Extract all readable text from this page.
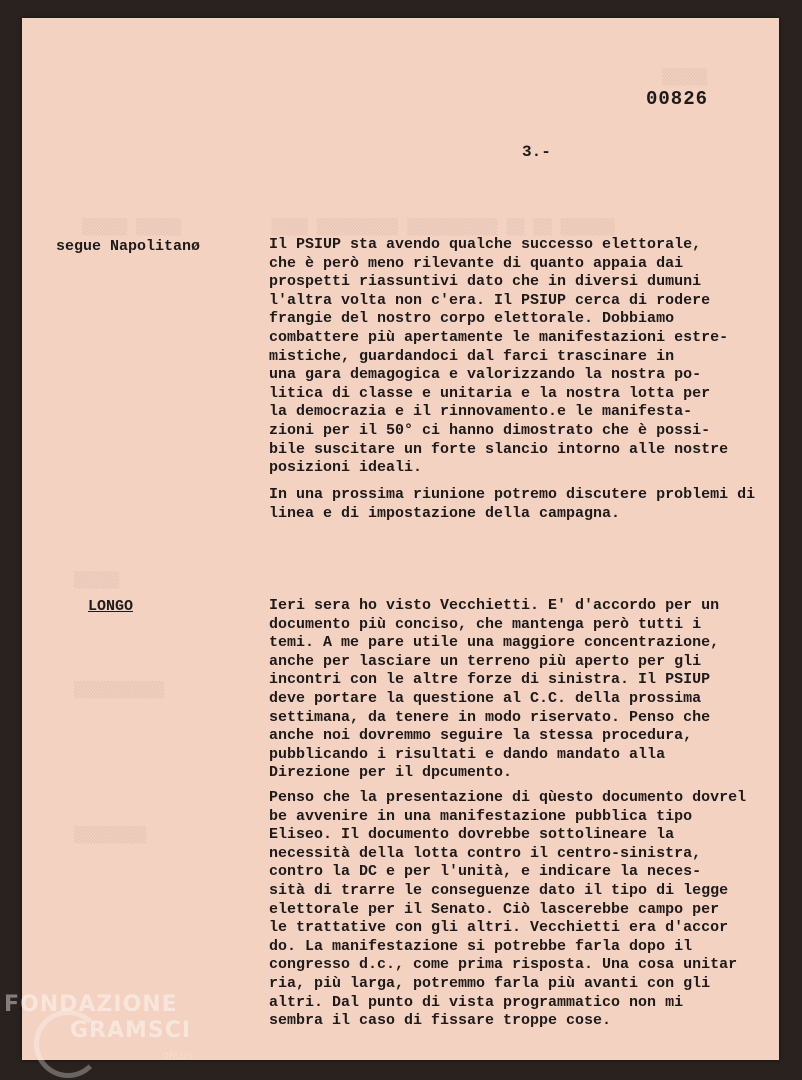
▒▒▒▒▒
▒▒▒▒▒ ▒▒▒▒▒          ▒▒▒▒ ▒▒▒▒▒▒▒▒▒ ▒▒▒▒▒▒▒▒▒▒ ▒▒ ▒▒ ▒▒▒▒▒▒
▒▒▒▒▒
▒▒▒▒▒▒▒▒▒▒
▒▒▒▒▒▒▒▒
00826
3.-
segue Napolitanø	Il PSIUP sta avendo qualche successo elettorale,
che è però meno rilevante di quanto appaia dai
prospetti riassuntivi dato che in diversi dumuni
l'altra volta non c'era. Il PSIUP cerca di rodere
frangie del nostro corpo elettorale. Dobbiamo
combattere più apertamente le manifestazioni estre-
mistiche, guardandoci dal farci trascinare in
una gara demagogica e valorizzando la nostra po-
litica di classe e unitaria e la nostra lotta per
la democrazia e il rinnovamento.e le manifesta-
zioni per il 50° ci hanno dimostrato che è possi-
bile suscitare un forte slancio intorno alle nostre
posizioni ideali.

In una prossima riunione potremo discutere problemi di
linea e di impostazione della campagna.

LONGO	Ieri sera ho visto Vecchietti. E' d'accordo per un
documento più conciso, che mantenga però tutti i
temi. A me pare utile una maggiore concentrazione,
anche per lasciare un terreno più aperto per gli
incontri con le altre forze di sinistra. Il PSIUP
deve portare la questione al C.C. della prossima
settimana, da tenere in modo riservato. Penso che
anche noi dovremmo seguire la stessa procedura,
pubblicando i risultati e dando mandato alla
Direzione per il dpcumento.

Penso che la presentazione di qùesto documento dovrel
be avvenire in una manifestazione pubblica tipo
Eliseo. Il documento dovrebbe sottolineare la
necessità della lotta contro il centro-sinistra,
contro la DC e per l'unità, e indicare la neces-
sità di trarre le conseguenze dato il tipo di legge
elettorale per il Senato. Ciò lascerebbe campo per
le trattative con gli altri. Vecchietti era d'accor
do. La manifestazione si potrebbe farla dopo il
congresso d.c., come prima risposta. Una cosa unitar
ria, più larga, potremmo farla più avanti con gli
altri. Dal punto di vista programmatico non mi
sembra il caso di fissare troppe cose.

FONDAZIONE
GRAMSCI
ONLUS
